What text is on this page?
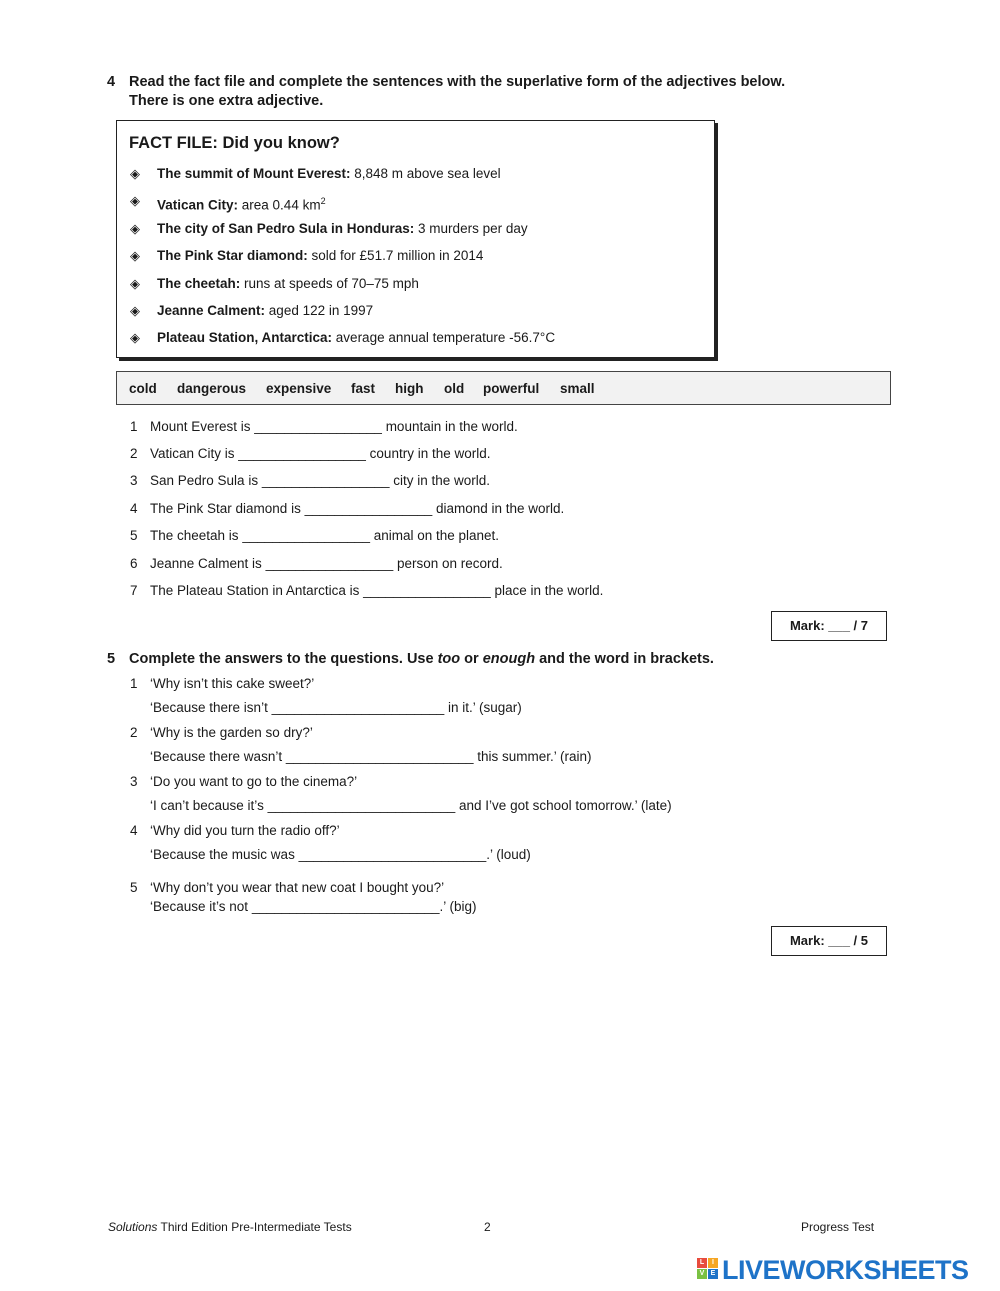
4 Read the fact file and complete the sentences with the superlative form of the adjectives below.
There is one extra adjective.
FACT FILE: Did you know?
◈ The summit of Mount Everest: 8,848 m above sea level
◈ Vatican City: area 0.44 $km^2$
◈ The city of San Pedro Sula in Honduras: 3 murders per day
◈ The Pink Star diamond: sold for £51.7 million in 2014
◈ The cheetah: runs at speeds of 70–75 mph
◈ Jeanne Calment: aged 122 in 1997
◈ Plateau Station, Antarctica: average annual temperature ‑56.7°C
cold dangerous expensive fast high old powerful small
1 Mount Everest is _________________ mountain in the world.
2 Vatican City is _________________ country in the world.
3 San Pedro Sula is _________________ city in the world.
4 The Pink Star diamond is _________________ diamond in the world.
5 The cheetah is _________________ animal on the planet.
6 Jeanne Calment is _________________ person on record.
7 The Plateau Station in Antarctica is _________________ place in the world.
Mark: ___ / 7
5 Complete the answers to the questions. Use too or enough and the word in brackets.
1 ‘Why isn’t this cake sweet?’
‘Because there isn’t _______________________ in it.’ (sugar)
2 ‘Why is the garden so dry?’
‘Because there wasn’t _________________________ this summer.’ (rain)
3 ‘Do you want to go to the cinema?’
‘I can’t because it’s _________________________ and I’ve got school tomorrow.’ (late)
4 ‘Why did you turn the radio off?’
‘Because the music was _________________________.’ (loud)
5 ‘Why don’t you wear that new coat I bought you?’
‘Because it’s not _________________________.’ (big)
Mark: ___ / 5
Solutions Third Edition Pre-Intermediate Tests	2	Progress Test
L	I
V E LIVEWORKSHEETS
